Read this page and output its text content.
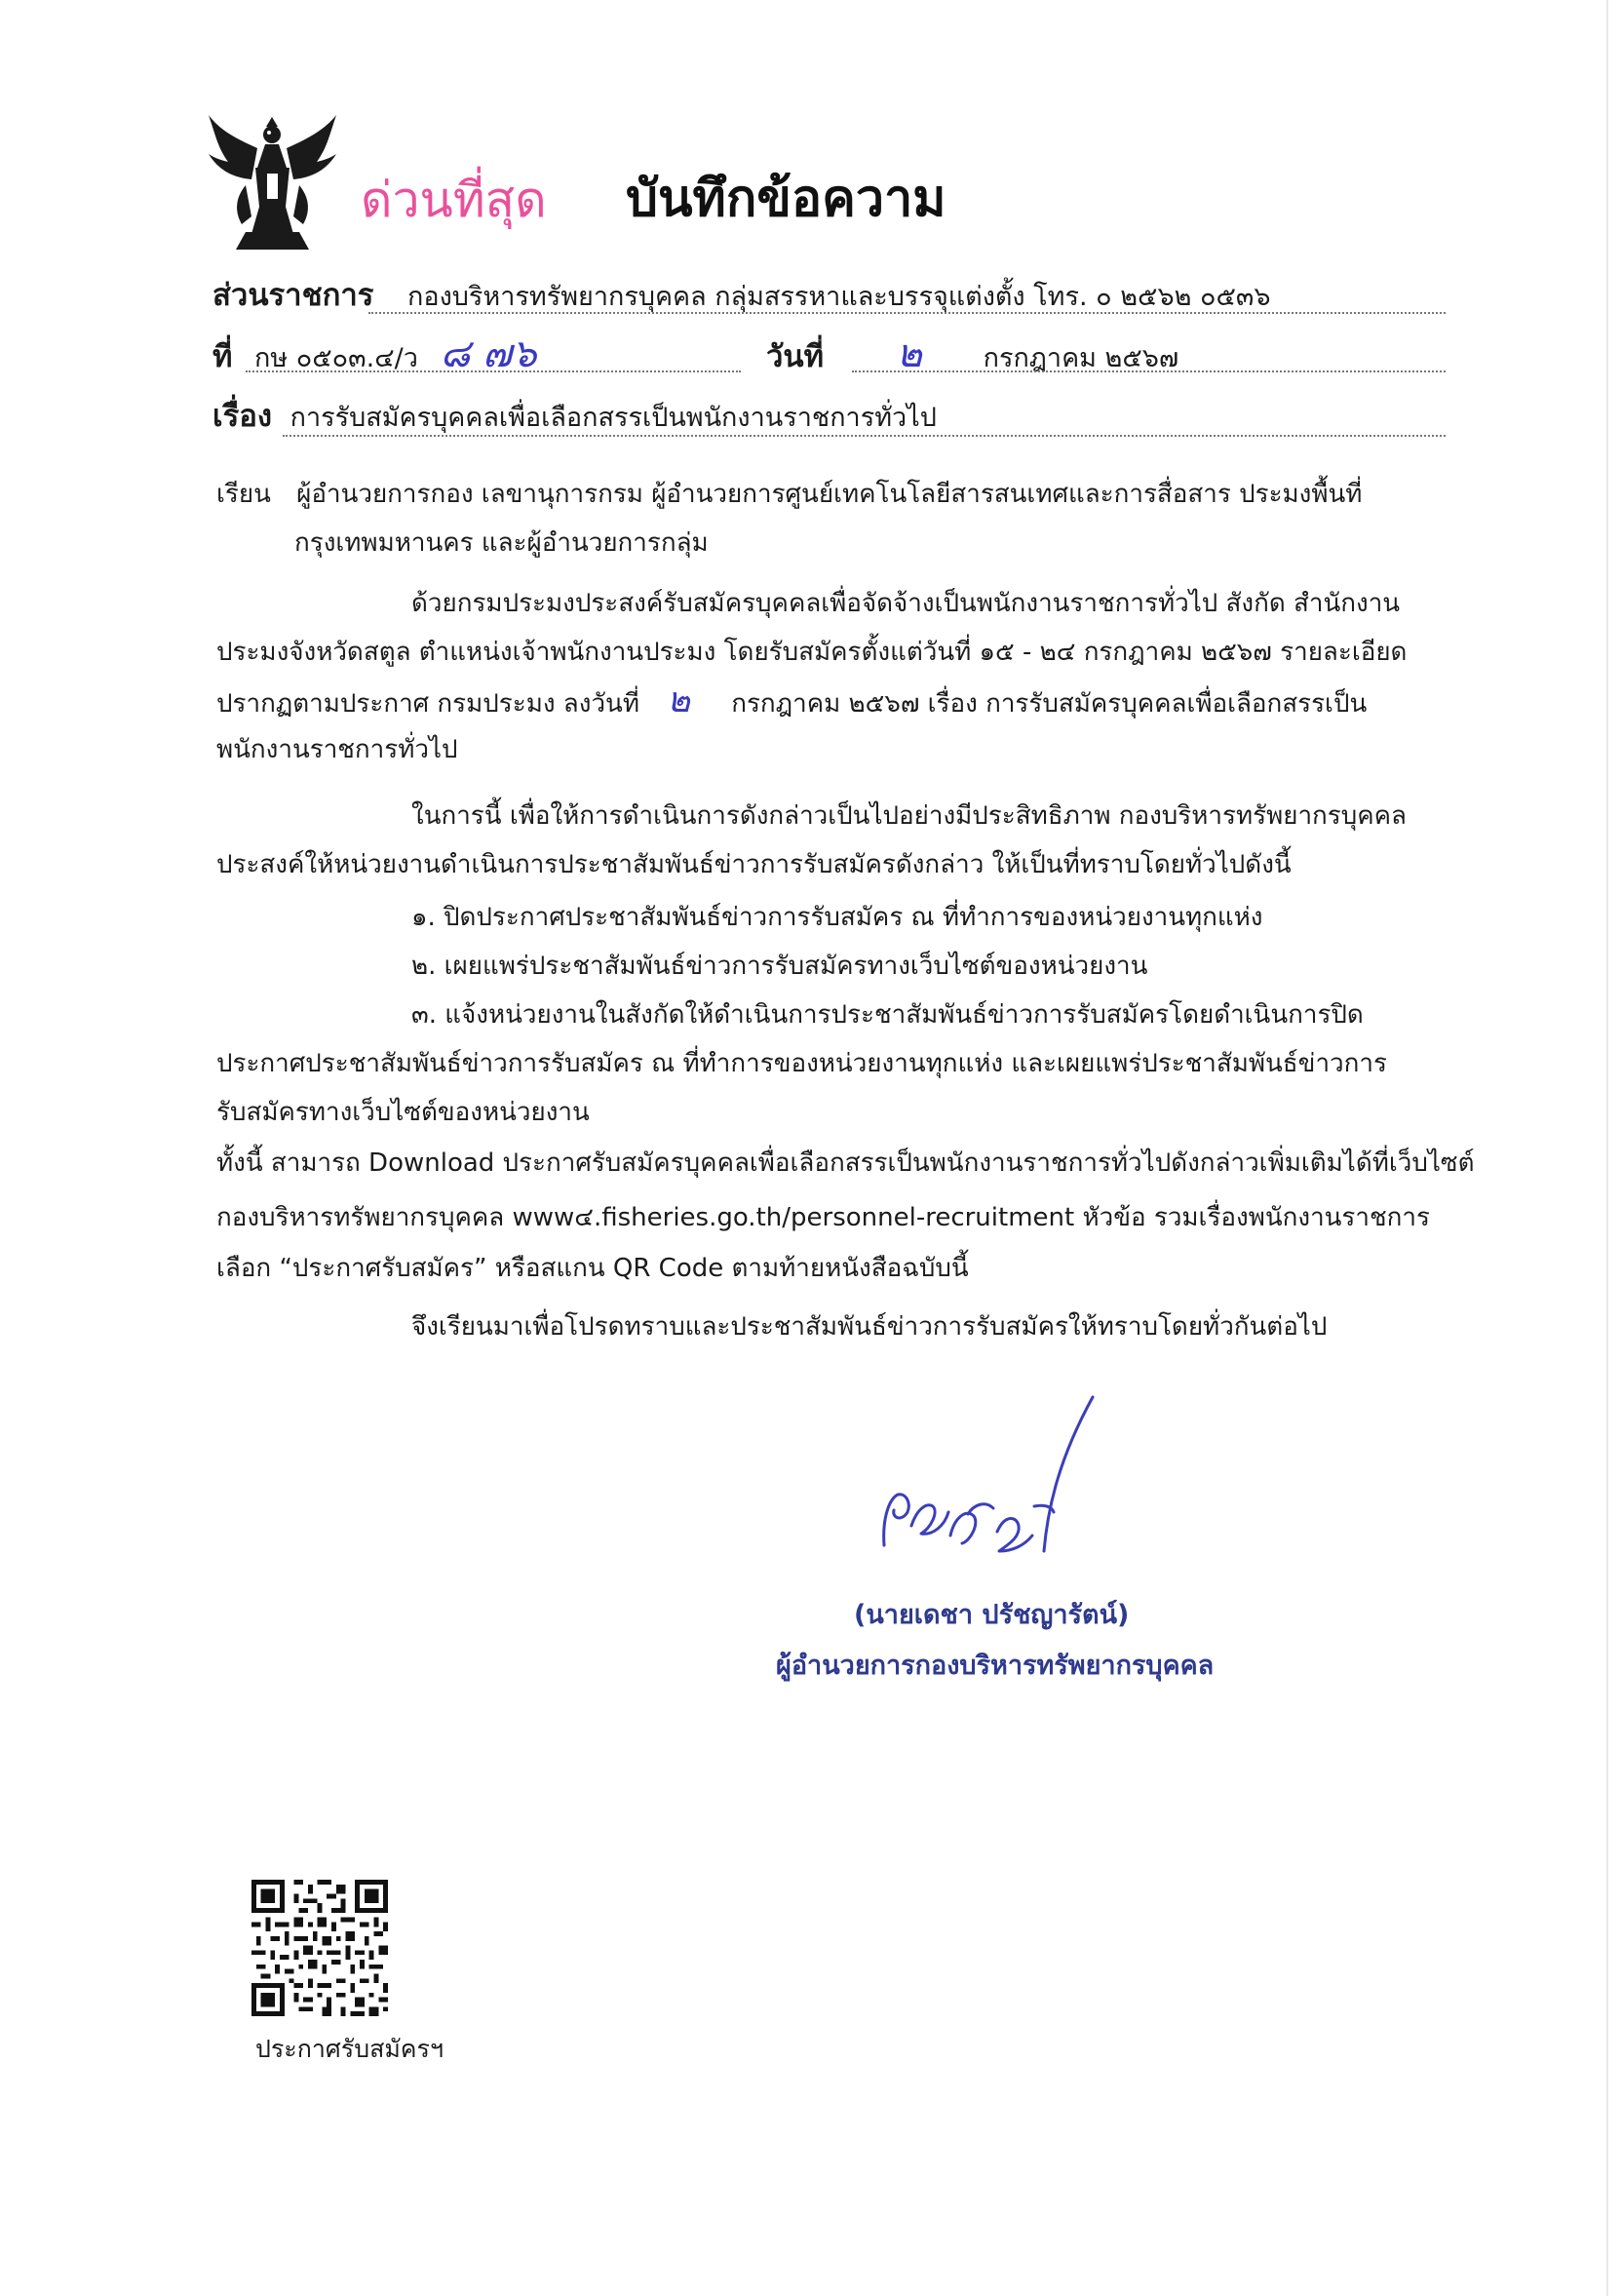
ด่วนที่สุด บันทึกข้อความ
ส่วนราชการ กองบริหารทรัพยากรบุคคล กลุ่มสรรหาและบรรจุแต่งตั้ง โทร. ๐ ๒๕๖๒ ๐๕๓๖
ที่ กษ ๐๕๐๓.๔/ว ๘ ๗๖	วันที่ ๒ กรกฎาคม ๒๕๖๗
เรื่อง การรับสมัครบุคคลเพื่อเลือกสรรเป็นพนักงานราชการทั่วไป
เรียน ผู้อำนวยการกอง เลขานุการกรม ผู้อำนวยการศูนย์เทคโนโลยีสารสนเทศและการสื่อสาร ประมงพื้นที่
กรุงเทพมหานคร และผู้อำนวยการกลุ่ม
ด้วยกรมประมงประสงค์รับสมัครบุคคลเพื่อจัดจ้างเป็นพนักงานราชการทั่วไป สังกัด สำนักงาน
ประมงจังหวัดสตูล ตำแหน่งเจ้าพนักงานประมง โดยรับสมัครตั้งแต่วันที่ ๑๕ - ๒๔ กรกฎาคม ๒๕๖๗ รายละเอียด
ปรากฏตามประกาศ กรมประมง ลงวันที่ ๒ กรกฎาคม ๒๕๖๗ เรื่อง การรับสมัครบุคคลเพื่อเลือกสรรเป็น
พนักงานราชการทั่วไป
ในการนี้ เพื่อให้การดำเนินการดังกล่าวเป็นไปอย่างมีประสิทธิภาพ กองบริหารทรัพยากรบุคคล
ประสงค์ให้หน่วยงานดำเนินการประชาสัมพันธ์ข่าวการรับสมัครดังกล่าว ให้เป็นที่ทราบโดยทั่วไปดังนี้
๑. ปิดประกาศประชาสัมพันธ์ข่าวการรับสมัคร ณ ที่ทำการของหน่วยงานทุกแห่ง
๒. เผยแพร่ประชาสัมพันธ์ข่าวการรับสมัครทางเว็บไซต์ของหน่วยงาน
๓. แจ้งหน่วยงานในสังกัดให้ดำเนินการประชาสัมพันธ์ข่าวการรับสมัครโดยดำเนินการปิด
ประกาศประชาสัมพันธ์ข่าวการรับสมัคร ณ ที่ทำการของหน่วยงานทุกแห่ง และเผยแพร่ประชาสัมพันธ์ข่าวการ
รับสมัครทางเว็บไซต์ของหน่วยงาน
ทั้งนี้ สามารถ Download ประกาศรับสมัครบุคคลเพื่อเลือกสรรเป็นพนักงานราชการทั่วไปดังกล่าวเพิ่มเติมได้ที่เว็บไซต์
กองบริหารทรัพยากรบุคคล www๔.fisheries.go.th/personnel-recruitment หัวข้อ รวมเรื่องพนักงานราชการ
เลือก “ประกาศรับสมัคร” หรือสแกน QR Code ตามท้ายหนังสือฉบับนี้
จึงเรียนมาเพื่อโปรดทราบและประชาสัมพันธ์ข่าวการรับสมัครให้ทราบโดยทั่วกันต่อไป
(นายเดชา ปรัชญารัตน์)
ผู้อำนวยการกองบริหารทรัพยากรบุคคล
ประกาศรับสมัครฯ
